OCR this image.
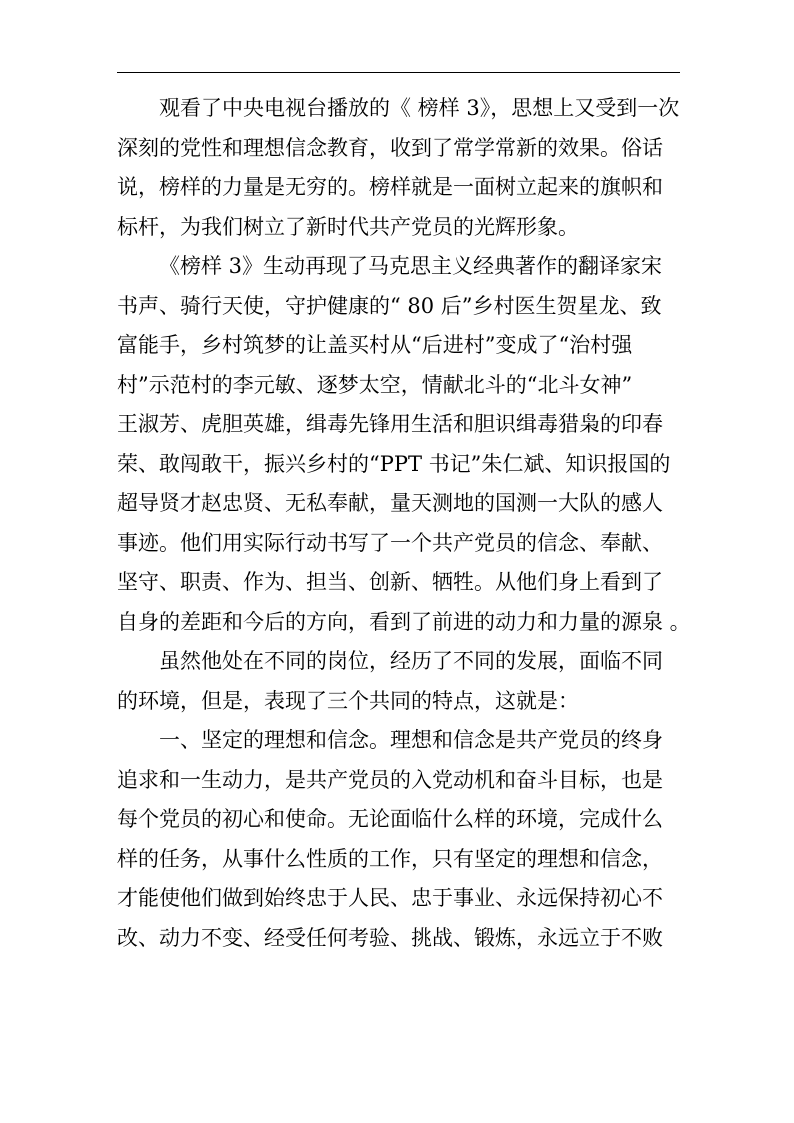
观看了中央电视台播放的《 榜样 3》，思想上又受到一次
深刻的党性和理想信念教育，收到了常学常新的效果。俗话
说，榜样的力量是无穷的。榜样就是一面树立起来的旗帜和
标杆，为我们树立了新时代共产党员的光辉形象。
《榜样 3》生动再现了马克思主义经典著作的翻译家宋
书声、骑行天使，守护健康的“ 80 后”乡村医生贺星龙、致
富能手，乡村筑梦的让盖买村从“后进村”变成了“治村强
村”示范村的李元敏、逐梦太空，情献北斗的“北斗女神”
王淑芳、虎胆英雄，缉毒先锋用生活和胆识缉毒猎枭的印春
荣、敢闯敢干，振兴乡村的“PPT 书记”朱仁斌、知识报国的
超导贤才赵忠贤、无私奉献，量天测地的国测一大队的感人
事迹。他们用实际行动书写了一个共产党员的信念、奉献、
坚守、职责、作为、担当、创新、牺牲。从他们身上看到了
自身的差距和今后的方向，看到了前进的动力和力量的源泉 。
虽然他处在不同的岗位，经历了不同的发展，面临不同
的环境，但是，表现了三个共同的特点，这就是：
一、坚定的理想和信念。理想和信念是共产党员的终身
追求和一生动力，是共产党员的入党动机和奋斗目标，也是
每个党员的初心和使命。无论面临什么样的环境，完成什么
样的任务，从事什么性质的工作，只有坚定的理想和信念，
才能使他们做到始终忠于人民、忠于事业、永远保持初心不
改、动力不变、经受任何考验、挑战、锻炼，永远立于不败
